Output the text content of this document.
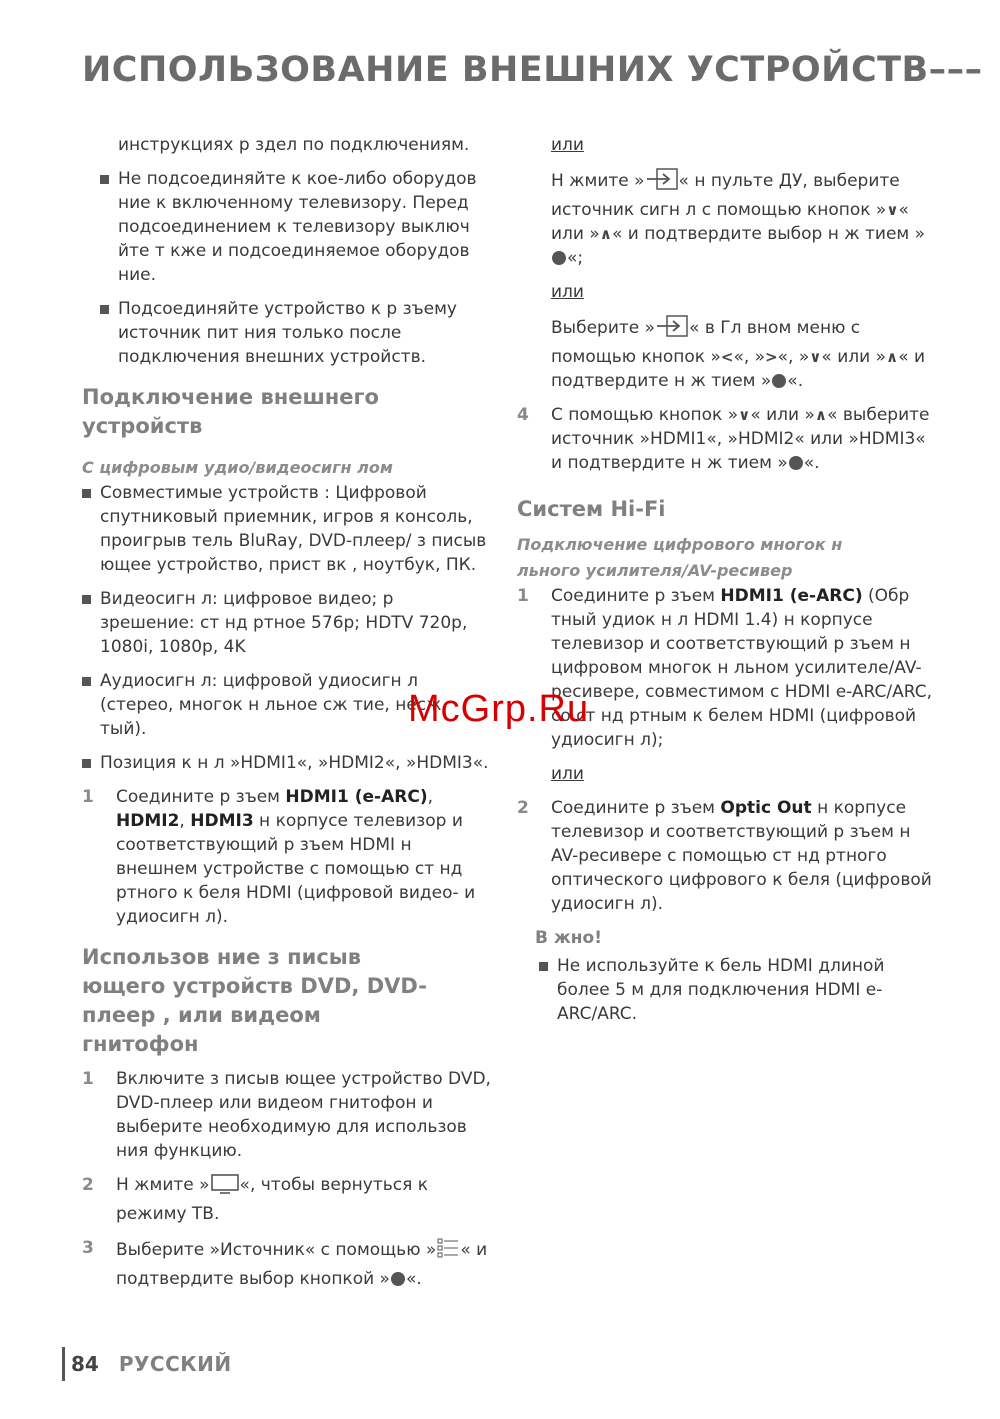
ИСПОЛЬЗОВАНИЕ ВНЕШНИХ УСТРОЙСТВ–––

инструкциях р здел по подключениям.

Не подсоединяйте к кое-либо оборудов ние к включенному телевизору. Перед подсоединением к телевизору выключ йте т кже и подсоединяемое оборудов ние.
Подсоединяйте устройство к р зъему источник пит ния только после подключения внешних устройств.
Подключение внешнего устройств
С цифровым удио/видеосигн лом
Совместимые устройств : Цифровой спутниковый приемник, игров я консоль, проигрыв тель BluRay, DVD-плеер/ з писыв ющее устройство, прист вк , ноутбук, ПК.
Видеосигн л: цифровое видео; р зрешение: ст нд ртное 576p; HDTV 720p, 1080i, 1080p, 4K
Аудиосигн л: цифровой удиосигн л (стерео, многок н льное сж тие, несж тый).
Позиция к н л »HDMI1«, »HDMI2«, »HDMI3«.
1 Соедините р зъем HDMI1 (e-ARC), HDMI2, HDMI3 н корпусе телевизор и соответствующий р зъем HDMI н внешнем устройстве с помощью ст нд ртного к беля HDMI (цифровой видео- и удиосигн л).
Использов ние з писыв ющего устройств DVD, DVD-плеер , или видеом гнитофон
1 Включите з писыв ющее устройство DVD, DVD-плеер или видеом гнитофон и выберите необходимую для использов ния функцию.
2 Н жмите » «, чтобы вернуться к режиму ТВ.
3 Выберите »Источник« с помощью » « и подтвердите выбор кнопкой » «.
или

Н жмите » « н пульте ДУ, выберите источник сигн л с помощью кнопок »∨« или »∧« и подтвердите выбор н ж тием »«;

или

Выберите » « в Гл вном меню с помощью кнопок »<«, »>«, »∨« или »∧« и подтвердите н ж тием » «.

4 С помощью кнопок »∨« или »∧« выберите источник »HDMI1«, »HDMI2« или »HDMI3« и подтвердите н ж тием » «.
Систем Hi-Fi
Подключение цифрового многок н льного усилителя/AV-ресивер
1 Соедините р зъем HDMI1 (e-ARC) (Обр тный удиок н л HDMI 1.4) н корпусе телевизор и соответствующий р зъем н цифровом многок н льном усилителе/AV-ресивере, совместимом с HDMI e-ARC/ARC, со ст нд ртным к белем HDMI (цифровой удиосигн л);
или
2 Соедините р зъем Optic Out н корпусе телевизор и соответствующий р зъем н AV-ресивере с помощью ст нд ртного оптического цифрового к беля (цифровой удиосигн л).
В жно!
Не используйте к бель HDMI длиной более 5 м для подключения HDMI e-ARC/ARC.
McGrp.Ru
84 РУССКИЙ
